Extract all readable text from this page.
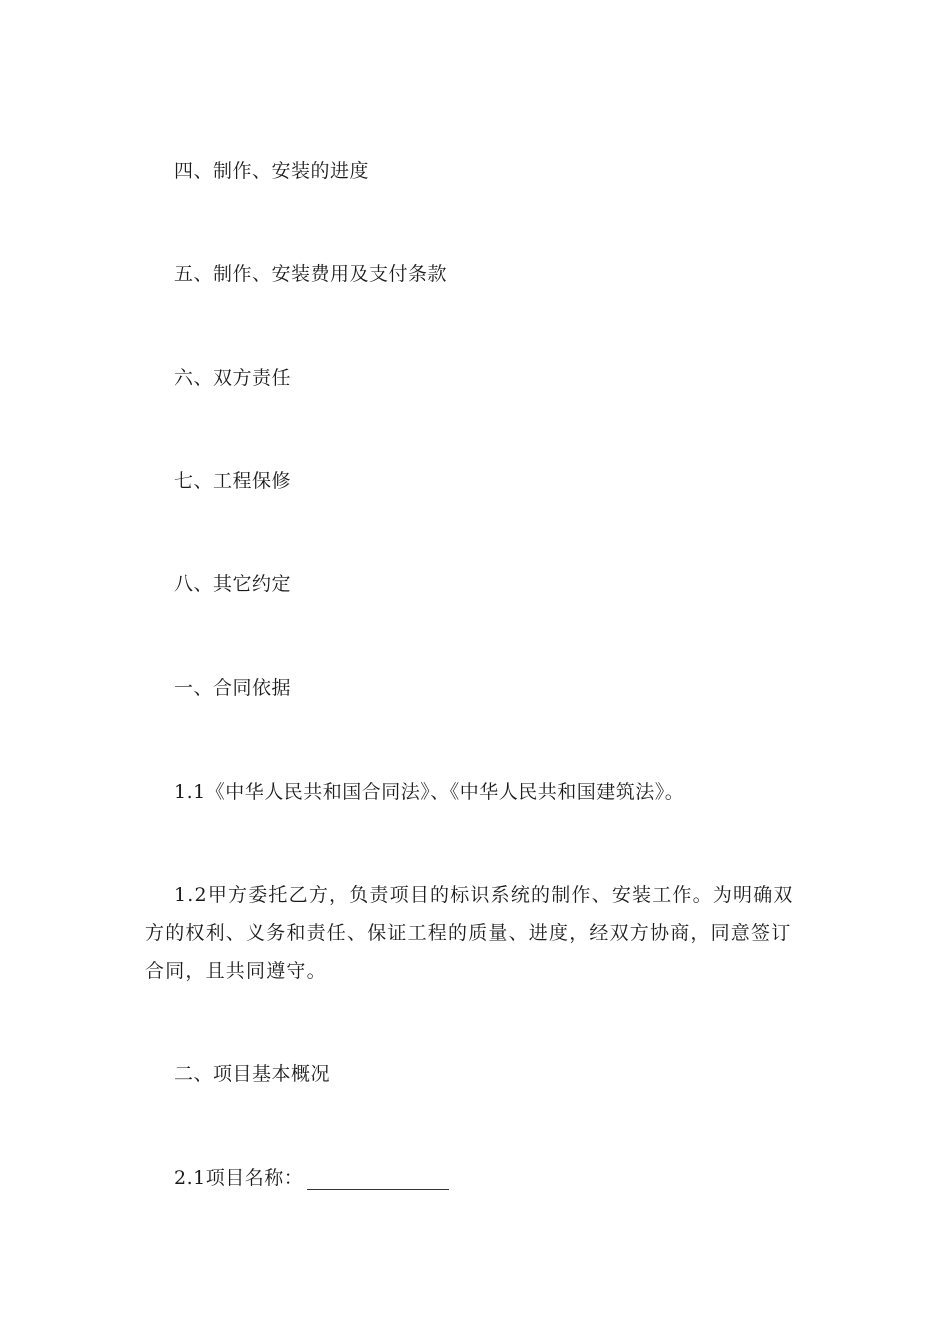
四、制作、安装的进度
五、制作、安装费用及支付条款
六、双方责任
七、工程保修
八、其它约定
一、合同依据
1.1《中华人民共和国合同法》、《中华人民共和国建筑法》。
1.2甲方委托乙方，负责项目的标识系统的制作、安装工作。为明确双方的权利、义务和责任、保证工程的质量、进度，经双方协商，同意签订合同，且共同遵守。
二、项目基本概况
2.1项目名称：
